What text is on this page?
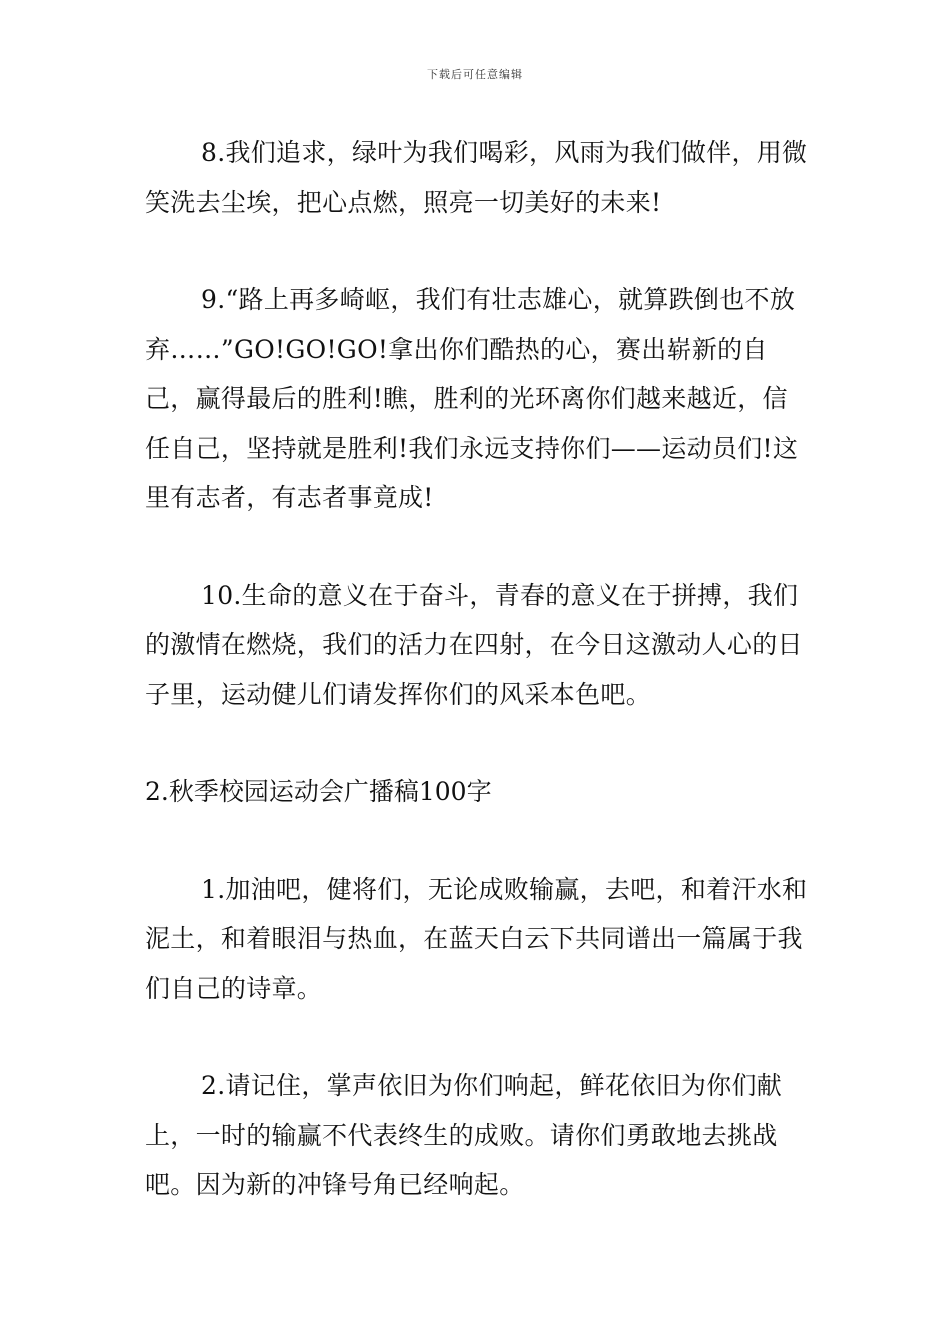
下载后可任意编辑

8.我们追求，绿叶为我们喝彩，风雨为我们做伴，用微笑洗去尘埃，把心点燃，照亮一切美好的未来!

9.“路上再多崎岖，我们有壮志雄心，就算跌倒也不放弃……”GO!GO!GO!拿出你们酷热的心，赛出崭新的自己，赢得最后的胜利!瞧，胜利的光环离你们越来越近，信任自己，坚持就是胜利!我们永远支持你们——运动员们!这里有志者，有志者事竟成!

10.生命的意义在于奋斗，青春的意义在于拼搏，我们的激情在燃烧，我们的活力在四射，在今日这激动人心的日子里，运动健儿们请发挥你们的风采本色吧。

2.秋季校园运动会广播稿100字

1.加油吧，健将们，无论成败输赢，去吧，和着汗水和泥土，和着眼泪与热血，在蓝天白云下共同谱出一篇属于我们自己的诗章。

2.请记住，掌声依旧为你们响起，鲜花依旧为你们献上，一时的输赢不代表终生的成败。请你们勇敢地去挑战吧。因为新的冲锋号角已经响起。
